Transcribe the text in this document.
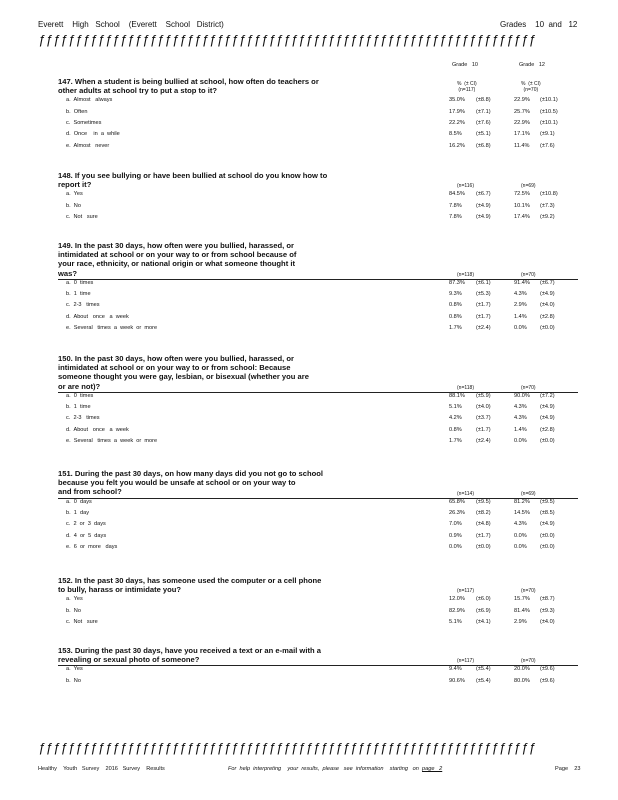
Everett    High   School    (Everett    School   District)	Grades    10  and   12
ƒƒƒƒƒƒƒƒƒƒƒƒƒƒƒƒƒƒƒƒƒƒƒƒƒƒƒƒƒƒƒƒƒƒƒƒƒƒƒƒƒƒƒƒƒƒƒƒƒƒƒƒƒƒƒƒƒƒƒƒƒƒƒƒƒƒƒ
Grade   10	Grade   12
147. When a student is being bullied at school, how often do teachers or
other adults at school try to put a stop to it?
%  (± CI)
(n=117)
%  (± CI)
(n=70)
a.  Almost   always	35.0% (±8.8)	22.9% (±10.1)
b.  Often	17.9% (±7.1)	25.7% (±10.5)
c.  Sometimes	22.2% (±7.6)	22.9% (±10.1)
d.  Once    in  a  while	8.5%	(±5.1)	17.1% (±9.1)
e.  Almost   never	16.2% (±6.8)	11.4% (±7.6)
148. If you see bullying or have been bullied at school do you know how to
report it?	(n=116)	(n=69)
a.  Yes	84.5% (±6.7)	72.5% (±10.8)
b.  No	7.8%	(±4.9)	10.1% (±7.3)
c.  Not   sure	7.8%	(±4.9)	17.4% (±9.2)
149. In the past 30 days, how often were you bullied, harassed, or
intimidated at school or on your way to or from school because of
your race, ethnicity, or national origin or what someone thought it
was?	(n=118)	(n=70)
a.  0  times	87.3% (±6.1)	91.4% (±6.7)
b.  1  time	9.3%	(±5.3)	4.3% (±4.9)
c.  2-3   times	0.8%	(±1.7)	2.9% (±4.0)
d.  About   once   a  week	0.8%	(±1.7)	1.4% (±2.8)
e.  Several   times  a  week  or  more	1.7%	(±2.4)	0.0% (±0.0)
150. In the past 30 days, how often were you bullied, harassed, or
intimidated at school or on your way to or from school: Because
someone thought you were gay, lesbian, or bisexual (whether you are
or are not)?	(n=118)	(n=70)
a.  0  times	88.1% (±5.9)	90.0% (±7.2)
b.  1  time	5.1%	(±4.0)	4.3% (±4.9)
c.  2-3   times	4.2%	(±3.7)	4.3% (±4.9)
d.  About   once   a  week	0.8%	(±1.7)	1.4% (±2.8)
e.  Several   times  a  week  or  more	1.7%	(±2.4)	0.0% (±0.0)
151. During the past 30 days, on how many days did you not go to school
because you felt you would be unsafe at school or on your way to
and from school?	(n=114)	(n=69)
a.  0  days	65.8% (±9.5)	81.2% (±9.5)
b.  1  day	26.3% (±8.2)	14.5% (±8.5)
c.  2  or  3  days	7.0%	(±4.8)	4.3% (±4.9)
d.  4  or  5  days	0.9%	(±1.7)	0.0% (±0.0)
e.  6  or  more   days	0.0%	(±0.0)	0.0% (±0.0)
152. In the past 30 days, has someone used the computer or a cell phone
to bully, harass or intimidate you?	(n=117)	(n=70)
a.  Yes	12.0% (±6.0)	15.7% (±8.7)
b.  No	82.9% (±6.9)	81.4% (±9.3)
c.  Not   sure	5.1%	(±4.1)	2.9% (±4.0)
153. During the past 30 days, have you received a text or an e-mail with a
revealing or sexual photo of someone?	(n=117)	(n=70)
a.  Yes	9.4%	(±5.4)	20.0% (±9.6)
b.  No	90.6% (±5.4)	80.0% (±9.6)
ƒƒƒƒƒƒƒƒƒƒƒƒƒƒƒƒƒƒƒƒƒƒƒƒƒƒƒƒƒƒƒƒƒƒƒƒƒƒƒƒƒƒƒƒƒƒƒƒƒƒƒƒƒƒƒƒƒƒƒƒƒƒƒƒƒƒƒ
Healthy    Youth   Survey    2016   Survey    Results	For  help  interpreting    your  results,  please   see  information    starting   on  page   2	Page    23
